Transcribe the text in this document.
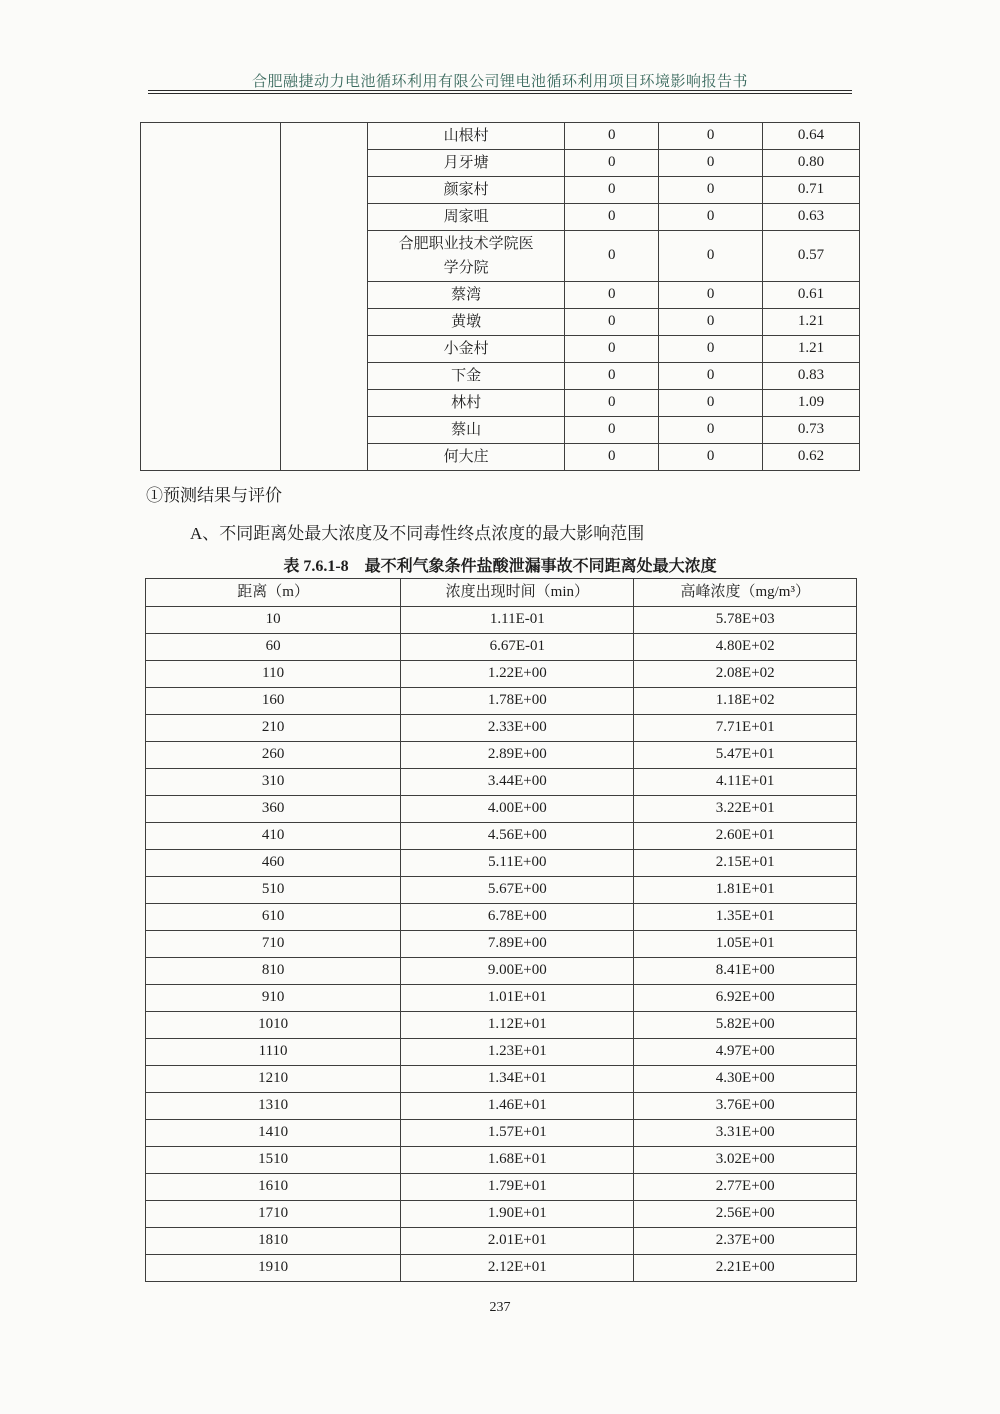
合肥融捷动力电池循环利用有限公司锂电池循环利用项目环境影响报告书
		山根村	0	0	0.64
		月牙塘	0	0	0.80
		颜家村	0	0	0.71
		周家咀	0	0	0.63
		合肥职业技术学院医学分院	0	0	0.57
		蔡湾	0	0	0.61
		黄墩	0	0	1.21
		小金村	0	0	1.21
		下金	0	0	0.83
		林村	0	0	1.09
		蔡山	0	0	0.73
		何大庄	0	0	0.62
①预测结果与评价
A、不同距离处最大浓度及不同毒性终点浓度的最大影响范围
表 7.6.1-8　最不利气象条件盐酸泄漏事故不同距离处最大浓度
距离（m）	浓度出现时间（min）	高峰浓度（mg/m³）
10	1.11E-01	5.78E+03
60	6.67E-01	4.80E+02
110	1.22E+00	2.08E+02
160	1.78E+00	1.18E+02
210	2.33E+00	7.71E+01
260	2.89E+00	5.47E+01
310	3.44E+00	4.11E+01
360	4.00E+00	3.22E+01
410	4.56E+00	2.60E+01
460	5.11E+00	2.15E+01
510	5.67E+00	1.81E+01
610	6.78E+00	1.35E+01
710	7.89E+00	1.05E+01
810	9.00E+00	8.41E+00
910	1.01E+01	6.92E+00
1010	1.12E+01	5.82E+00
1110	1.23E+01	4.97E+00
1210	1.34E+01	4.30E+00
1310	1.46E+01	3.76E+00
1410	1.57E+01	3.31E+00
1510	1.68E+01	3.02E+00
1610	1.79E+01	2.77E+00
1710	1.90E+01	2.56E+00
1810	2.01E+01	2.37E+00
1910	2.12E+01	2.21E+00
237
